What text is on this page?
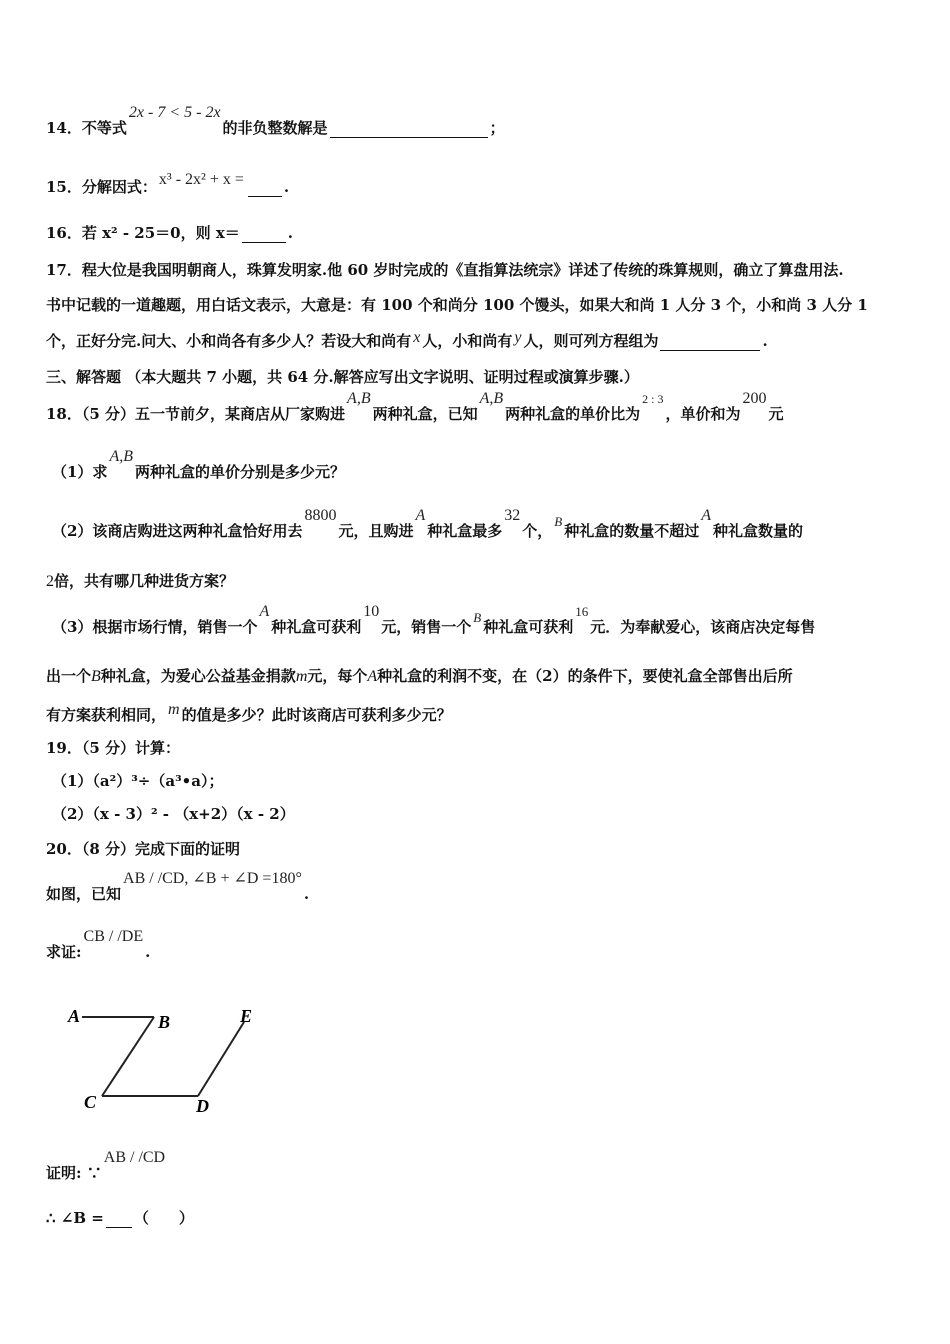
14．不等式2x - 7 < 5 - 2x的非负整数解是	；
15．分解因式： x³ - 2x² + x =	.
16．若 x² - 25＝0，则 x＝	.
17．程大位是我国明朝商人，珠算发明家.他 60 岁时完成的《直指算法统宗》详述了传统的珠算规则，确立了算盘用法.
书中记载的一道趣题，用白话文表示，大意是：有 100 个和尚分 100 个馒头，如果大和尚 1 人分 3 个，小和尚 3 人分 1
个，正好分完.问大、小和尚各有多少人？若设大和尚有 x 人，小和尚有 y 人，则可列方程组为	.
三、解答题 （本大题共 7 小题，共 64 分.解答应写出文字说明、证明过程或演算步骤.）
18．（5 分）五一节前夕，某商店从厂家购进A,B两种礼盒，已知A,B两种礼盒的单价比为2 : 3，单价和为200元
（1）求A,B两种礼盒的单价分别是多少元？
（2）该商店购进这两种礼盒恰好用去8800元，且购进A种礼盒最多32个，B种礼盒的数量不超过A种礼盒数量的
2倍，共有哪几种进货方案？
（3）根据市场行情，销售一个A种礼盒可获利10元，销售一个B种礼盒可获利16元．为奉献爱心，该商店决定每售
出一个B种礼盒，为爱心公益基金捐款m元，每个A种礼盒的利润不变，在（2）的条件下，要使礼盒全部售出后所
有方案获利相同， m 的值是多少？此时该商店可获利多少元？
19．（5 分）计算：
（1）（a²）³÷（a³•a）；
（2）（x - 3）² - （x+2）（x - 2）
20．（8 分）完成下面的证明
如图，已知AB / /CD, ∠B + ∠D =180°.
求证:CB / /DE.
A	B
C	D
E
证明: ∵AB / /CD
∴ ∠B = （　　）
